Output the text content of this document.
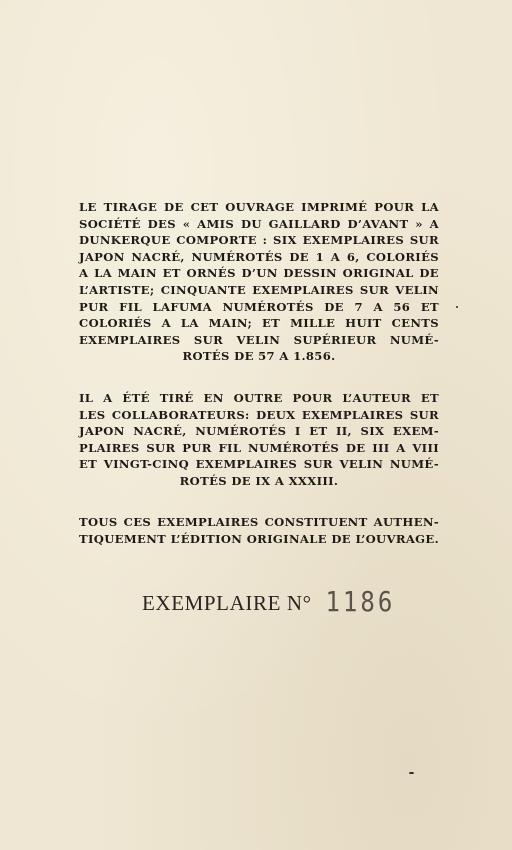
LE TIRAGE DE CET OUVRAGE IMPRIMÉ POUR LA
SOCIÉTÉ DES « AMIS DU GAILLARD D’AVANT » A
DUNKERQUE COMPORTE : SIX EXEMPLAIRES SUR
JAPON NACRÉ, NUMÉROTÉS DE 1 A 6, COLORIÉS
A LA MAIN ET ORNÉS D’UN DESSIN ORIGINAL DE
L’ARTISTE; CINQUANTE EXEMPLAIRES SUR VELIN
PUR FIL LAFUMA NUMÉROTÉS DE 7 A 56 ET
COLORIÉS A LA MAIN; ET MILLE HUIT CENTS
EXEMPLAIRES SUR VELIN SUPÉRIEUR NUMÉ-
ROTÉS DE 57 A 1.856.
IL A ÉTÉ TIRÉ EN OUTRE POUR L’AUTEUR ET
LES COLLABORATEURS: DEUX EXEMPLAIRES SUR
JAPON NACRÉ, NUMÉROTÉS I ET II, SIX EXEM-
PLAIRES SUR PUR FIL NUMÉROTÉS DE III A VIII
ET VINGT-CINQ EXEMPLAIRES SUR VELIN NUMÉ-
ROTÉS DE IX A XXXIII.
TOUS CES EXEMPLAIRES CONSTITUENT AUTHEN-
TIQUEMENT L’ÉDITION ORIGINALE DE L’OUVRAGE.
EXEMPLAIRE N° 1186
